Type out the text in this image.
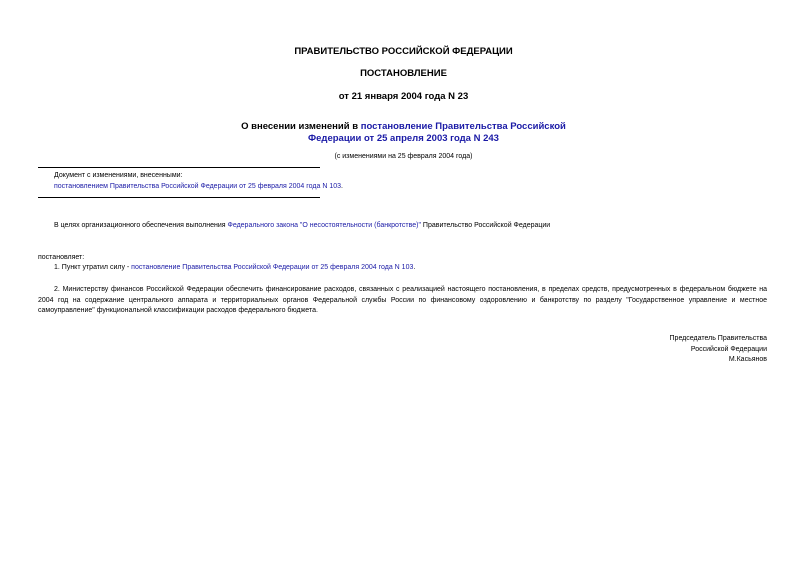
ПРАВИТЕЛЬСТВО РОССИЙСКОЙ ФЕДЕРАЦИИ
ПОСТАНОВЛЕНИЕ
от 21 января 2004 года N 23
О внесении изменений в постановление Правительства Российской
Федерации от 25 апреля 2003 года N 243
(с изменениями на 25 февраля 2004 года)
Документ с изменениями, внесенными:
постановлением Правительства Российской Федерации от 25 февраля 2004 года N 103.
В целях организационного обеспечения выполнения Федерального закона "О несостоятельности (банкротстве)" Правительство Российской Федерации
постановляет:
1. Пункт утратил силу - постановление Правительства Российской Федерации от 25 февраля 2004 года N 103.
2. Министерству финансов Российской Федерации обеспечить финансирование расходов, связанных с реализацией настоящего постановления, в пределах средств, предусмотренных в федеральном бюджете на 2004 год на содержание центрального аппарата и территориальных органов Федеральной службы России по финансовому оздоровлению и банкротству по разделу "Государственное управление и местное самоуправление" функциональной классификации расходов федерального бюджета.
Председатель Правительства
Российской Федерации
М.Касьянов
